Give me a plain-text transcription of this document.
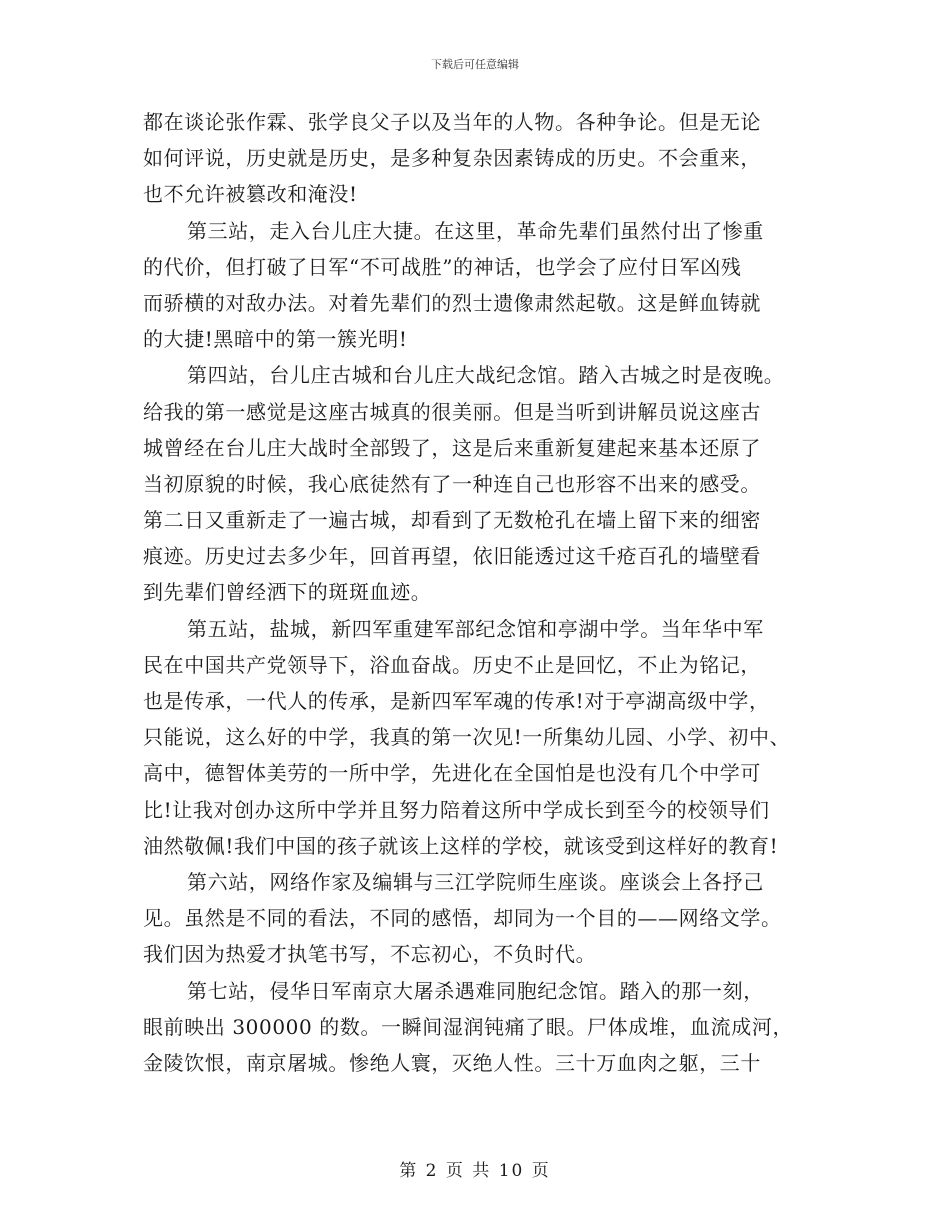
下载后可任意编辑
都在谈论张作霖、张学良父子以及当年的人物。各种争论。但是无论
如何评说，历史就是历史，是多种复杂因素铸成的历史。不会重来，
也不允许被篡改和淹没!
第三站，走入台儿庄大捷。在这里，革命先辈们虽然付出了惨重
的代价，但打破了日军“不可战胜”的神话，也学会了应付日军凶残
而骄横的对敌办法。对着先辈们的烈士遗像肃然起敬。这是鲜血铸就
的大捷!黑暗中的第一簇光明!
第四站，台儿庄古城和台儿庄大战纪念馆。踏入古城之时是夜晚。
给我的第一感觉是这座古城真的很美丽。但是当听到讲解员说这座古
城曾经在台儿庄大战时全部毁了，这是后来重新复建起来基本还原了
当初原貌的时候，我心底徒然有了一种连自己也形容不出来的感受。
第二日又重新走了一遍古城，却看到了无数枪孔在墙上留下来的细密
痕迹。历史过去多少年，回首再望，依旧能透过这千疮百孔的墙壁看
到先辈们曾经洒下的斑斑血迹。
第五站，盐城，新四军重建军部纪念馆和亭湖中学。当年华中军
民在中国共产党领导下，浴血奋战。历史不止是回忆，不止为铭记，
也是传承，一代人的传承，是新四军军魂的传承!对于亭湖高级中学，
只能说，这么好的中学，我真的第一次见!一所集幼儿园、小学、初中、
高中，德智体美劳的一所中学，先进化在全国怕是也没有几个中学可
比!让我对创办这所中学并且努力陪着这所中学成长到至今的校领导们
油然敬佩!我们中国的孩子就该上这样的学校，就该受到这样好的教育!
第六站，网络作家及编辑与三江学院师生座谈。座谈会上各抒己
见。虽然是不同的看法，不同的感悟，却同为一个目的——网络文学。
我们因为热爱才执笔书写，不忘初心，不负时代。
第七站，侵华日军南京大屠杀遇难同胞纪念馆。踏入的那一刻，
眼前映出 300000 的数。一瞬间湿润钝痛了眼。尸体成堆，血流成河，
金陵饮恨，南京屠城。惨绝人寰，灭绝人性。三十万血肉之躯，三十
第 2 页 共 10 页
